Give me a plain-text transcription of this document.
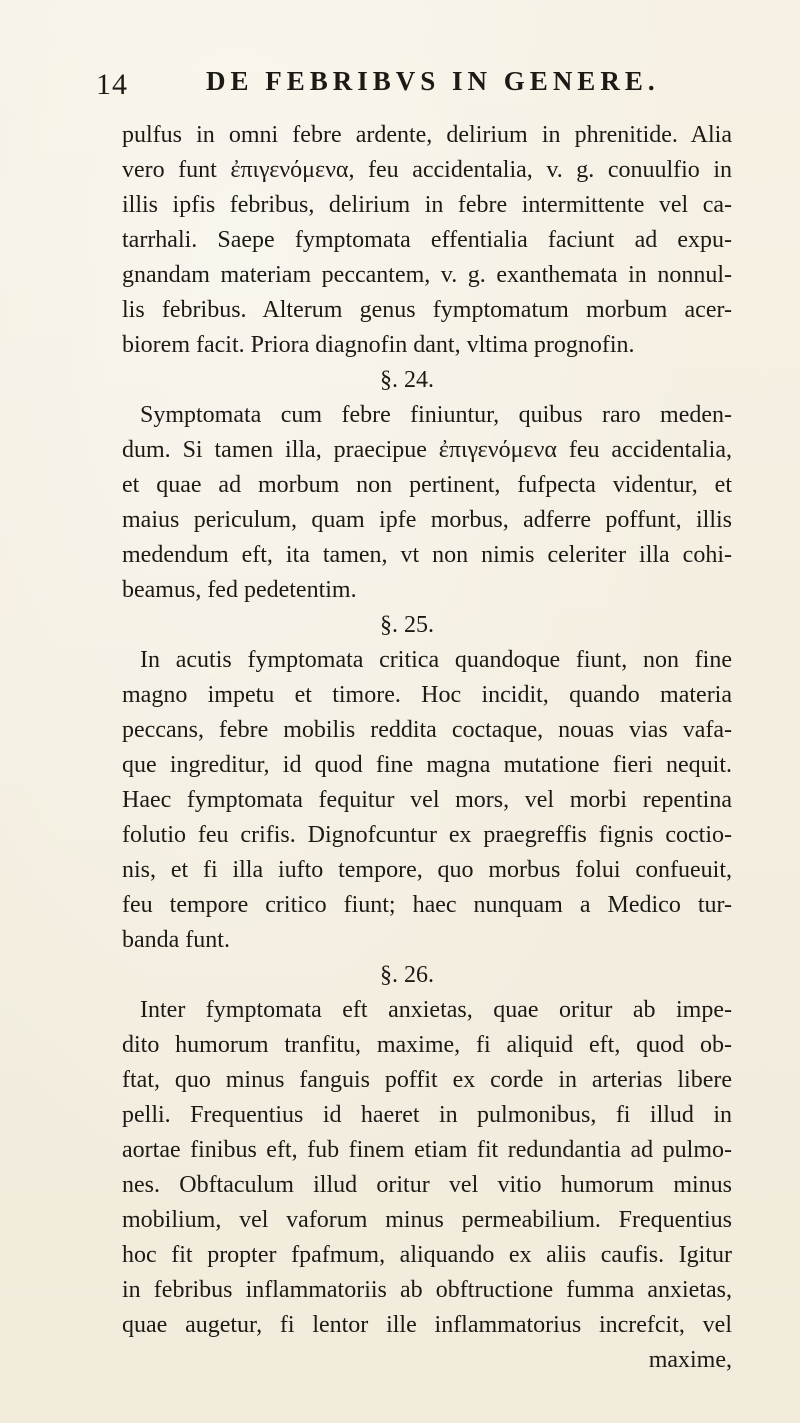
14	DE FEBRIBVS IN GENERE.
pulfus in omni febre ardente, delirium in phrenitide. Alia
vero funt ἐπιγενόμενα, feu accidentalia, v. g. conuulfio in
illis ipfis febribus, delirium in febre intermittente vel ca-
tarrhali. Saepe fymptomata effentialia faciunt ad expu-
gnandam materiam peccantem, v. g. exanthemata in nonnul-
lis febribus. Alterum genus fymptomatum morbum acer-
biorem facit. Priora diagnofin dant, vltima prognofin.
§. 24.
Symptomata cum febre finiuntur, quibus raro meden-
dum. Si tamen illa, praecipue ἐπιγενόμενα feu accidentalia,
et quae ad morbum non pertinent, fufpecta videntur, et
maius periculum, quam ipfe morbus, adferre poffunt, illis
medendum eft, ita tamen, vt non nimis celeriter illa cohi-
beamus, fed pedetentim.
§. 25.
In acutis fymptomata critica quandoque fiunt, non fine
magno impetu et timore. Hoc incidit, quando materia
peccans, febre mobilis reddita coctaque, nouas vias vafa-
que ingreditur, id quod fine magna mutatione fieri nequit.
Haec fymptomata fequitur vel mors, vel morbi repentina
folutio feu crifis. Dignofcuntur ex praegreffis fignis coctio-
nis, et fi illa iufto tempore, quo morbus folui confueuit,
feu tempore critico fiunt; haec nunquam a Medico tur-
banda funt.
§. 26.
Inter fymptomata eft anxietas, quae oritur ab impe-
dito humorum tranfitu, maxime, fi aliquid eft, quod ob-
ftat, quo minus fanguis poffit ex corde in arterias libere
pelli. Frequentius id haeret in pulmonibus, fi illud in
aortae finibus eft, fub finem etiam fit redundantia ad pulmo-
nes. Obftaculum illud oritur vel vitio humorum minus
mobilium, vel vaforum minus permeabilium. Frequentius
hoc fit propter fpafmum, aliquando ex aliis caufis. Igitur
in febribus inflammatoriis ab obftructione fumma anxietas,
quae augetur, fi lentor ille inflammatorius increfcit, vel
maxime,
